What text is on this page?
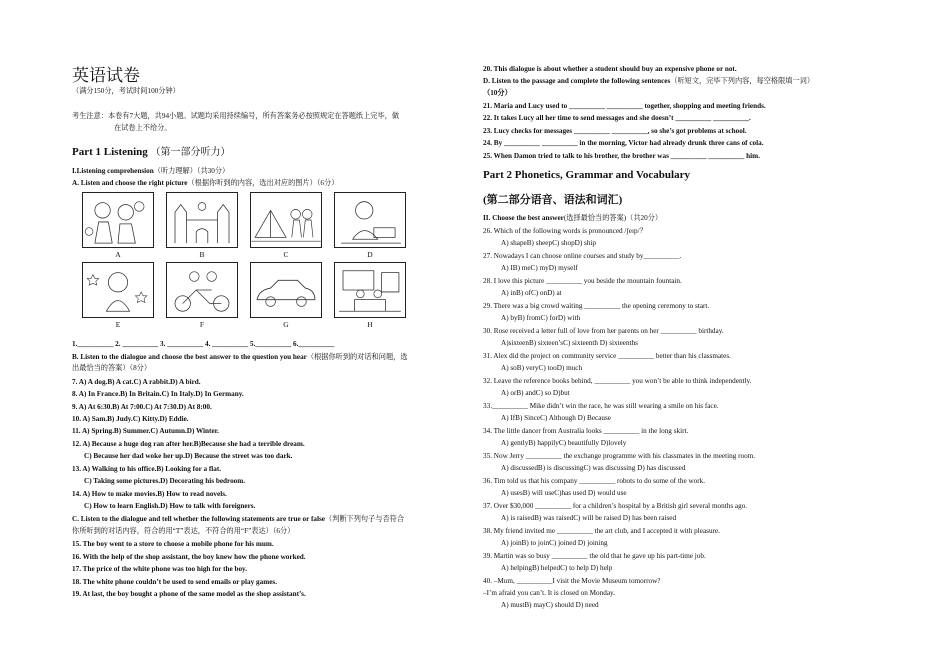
英语试卷
（满分150分，考试时间100分钟）
考生注意：本卷有7大题，共94小题。试题均采用持续编号，所有答案务必按照规定在答题纸上完毕，做
在试卷上不给分。
Part 1 Listening （第一部分听力）
I.Listening comprehension（听力理解）（共30分）
A. Listen and choose the right picture（根据你听到的内容，选出对应的图片）（6分）
A	B	C	D
E	F	G	H
1.__________ 2. __________ 3. __________ 4. __________ 5.__________ 6.__________
B. Listen to the dialogue and choose the best answer to the question you hear（根据你听到的对话和问题，选
出最恰当的答案）（8分）
7. A) A dog.B) A cat.C) A rabbit.D) A bird.
8. A) In France.B) In Britain.C) In Italy.D) In Germany.
9. A) At 6:30.B) At 7:00.C) At 7:30.D) At 8:00.
10. A) Sam.B) Judy.C) Kitty.D) Eddie.
11. A) Spring.B) Summer.C) Autumn.D) Winter.
12. A) Because a huge dog ran after her.B)Because she had a terrible dream.
C) Because her dad woke her up.D) Because the street was too dark.
13. A) Walking to his office.B) Looking for a flat.
C) Taking some pictures.D) Decorating his bedroom.
14. A) How to make movies.B) How to read novels.
C) How to learn English.D) How to talk with foreigners.
C. Listen to the dialogue and tell whether the following statements are true or false（判断下列句子与否符合
你所听到的对话内容，符合的用“T”表达，不符合的用“F”表达）（6分）
15. The boy went to a store to choose a mobile phone for his mum.
16. With the help of the shop assistant, the boy knew how the phone worked.
17. The price of the white phone was too high for the boy.
18. The white phone couldn’t be used to send emails or play games.
19. At last, the boy bought a phone of the same model as the shop assistant’s.
20. This dialogue is about whether a student should buy an expensive phone or not.
D. Listen to the passage and complete the following sentences（听短文，完毕下列内容，每空格限填一词）
（10分）
21. Maria and Lucy used to __________ __________ together, shopping and meeting friends.
22. It takes Lucy all her time to send messages and she doesn’t __________ __________.
23. Lucy checks for messages __________ __________, so she’s got problems at school.
24. By __________ __________ in the morning, Victor had already drunk three cans of cola.
25. When Damon tried to talk to his brother, the brother was __________ __________ him.
Part 2 Phonetics, Grammar and Vocabulary
(第二部分语音、语法和词汇)
II. Choose the best answer(选择最恰当的答案)（共20分）
26. Which of the following words is pronounced /ʃeɪp/？
A) shapeB) sheepC) shopD) ship
27. Nowadays I can choose online courses and study by__________.
A) IB) meC) myD) myself
28. I love this picture __________ you beside the mountain fountain.
A) inB) ofC) onD) at
29. There was a big crowd waiting __________ the opening ceremony to start.
A) byB) fromC) forD) with
30. Rose received a letter full of love from her parents on her __________ birthday.
A)sixteenB) sixteen’sC) sixteenth D) sixteenths
31. Alex did the project on community service __________ better than his classmates.
A) soB) veryC) tooD) much
32. Leave the reference books behind, __________ you won’t be able to think independently.
A) orB) andC) so D)but
33.__________ Mike didn’t win the race, he was still wearing a smile on his face.
A) IfB) SinceC) Although D) Because
34. The little dancer from Australia looks __________ in the long skirt.
A) gentlyB) happilyC) beautifully D)lovely
35. Now Jerry __________ the exchange programme with his classmates in the meeting room.
A) discussedB) is discussingC) was discussing D) has discussed
36. Tim told us that his company __________ robots to do some of the work.
A) usesB) will useC)has used D) would use
37. Over $30,000 __________ for a children’s hospital by a British girl several months ago.
A) is raisedB) was raisedC) will be raised D) has been raised
38. My friend invited me __________ the art club, and I accepted it with pleasure.
A) joinB) to joinC) joined D) joining
39. Martin was so busy __________ the old that he gave up his part-time job.
A) helpingB) helpedC) to help D) help
40. –Mum, __________I visit the Movie Museum tomorrow?
–I’m afraid you can’t. It is closed on Monday.
A) mustB) mayC) should D) need
